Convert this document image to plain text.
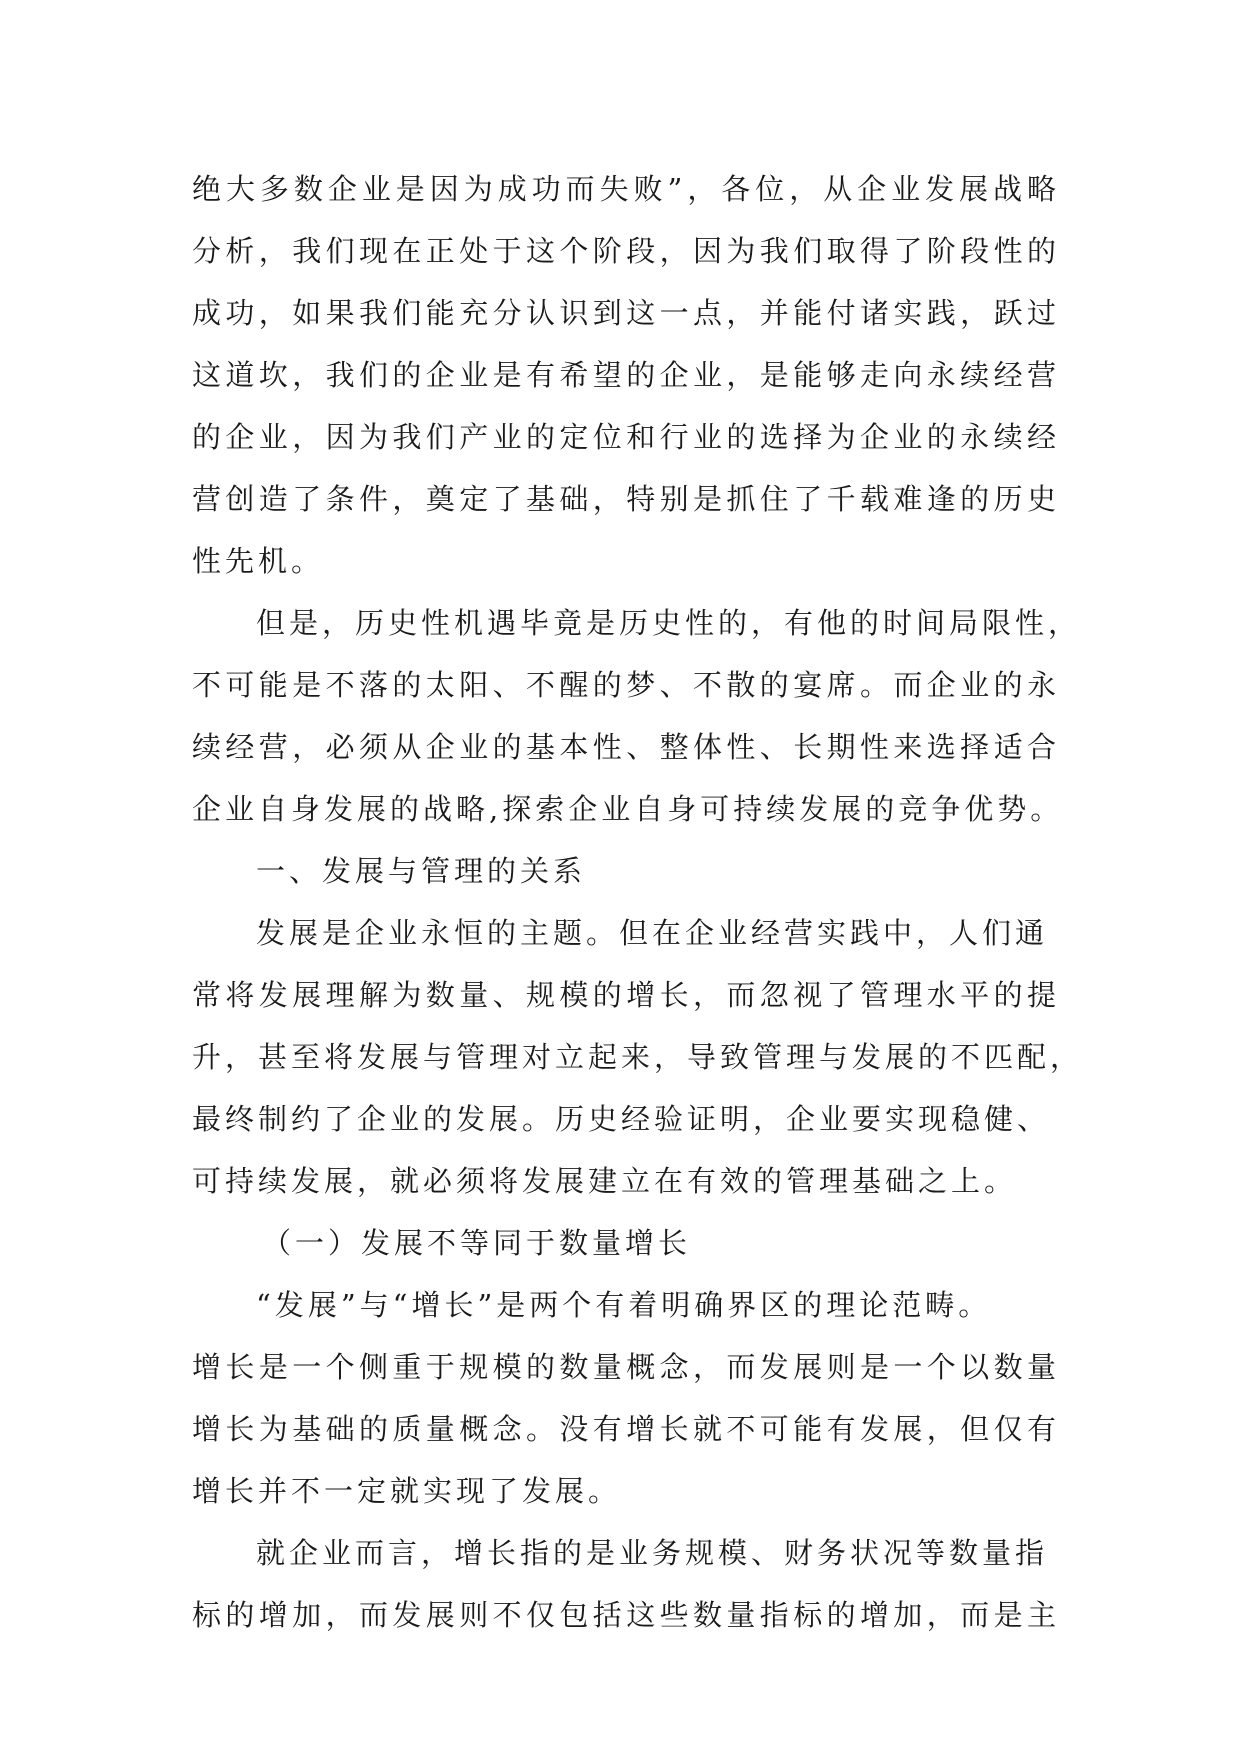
绝大多数企业是因为成功而失败”，各位，从企业发展战略
分析，我们现在正处于这个阶段，因为我们取得了阶段性的
成功，如果我们能充分认识到这一点，并能付诸实践，跃过
这道坎，我们的企业是有希望的企业，是能够走向永续经营
的企业，因为我们产业的定位和行业的选择为企业的永续经
营创造了条件，奠定了基础，特别是抓住了千载难逢的历史
性先机。
但是，历史性机遇毕竟是历史性的，有他的时间局限性，
不可能是不落的太阳、不醒的梦、不散的宴席。而企业的永
续经营，必须从企业的基本性、整体性、长期性来选择适合
企业自身发展的战略,探索企业自身可持续发展的竞争优势。
一、发展与管理的关系
发展是企业永恒的主题。但在企业经营实践中，人们通
常将发展理解为数量、规模的增长，而忽视了管理水平的提
升，甚至将发展与管理对立起来，导致管理与发展的不匹配，
最终制约了企业的发展。历史经验证明，企业要实现稳健、
可持续发展，就必须将发展建立在有效的管理基础之上。
（一）发展不等同于数量增长
“发展”与“增长”是两个有着明确界区的理论范畴。
增长是一个侧重于规模的数量概念，而发展则是一个以数量
增长为基础的质量概念。没有增长就不可能有发展，但仅有
增长并不一定就实现了发展。
就企业而言，增长指的是业务规模、财务状况等数量指
标的增加，而发展则不仅包括这些数量指标的增加，而是主
